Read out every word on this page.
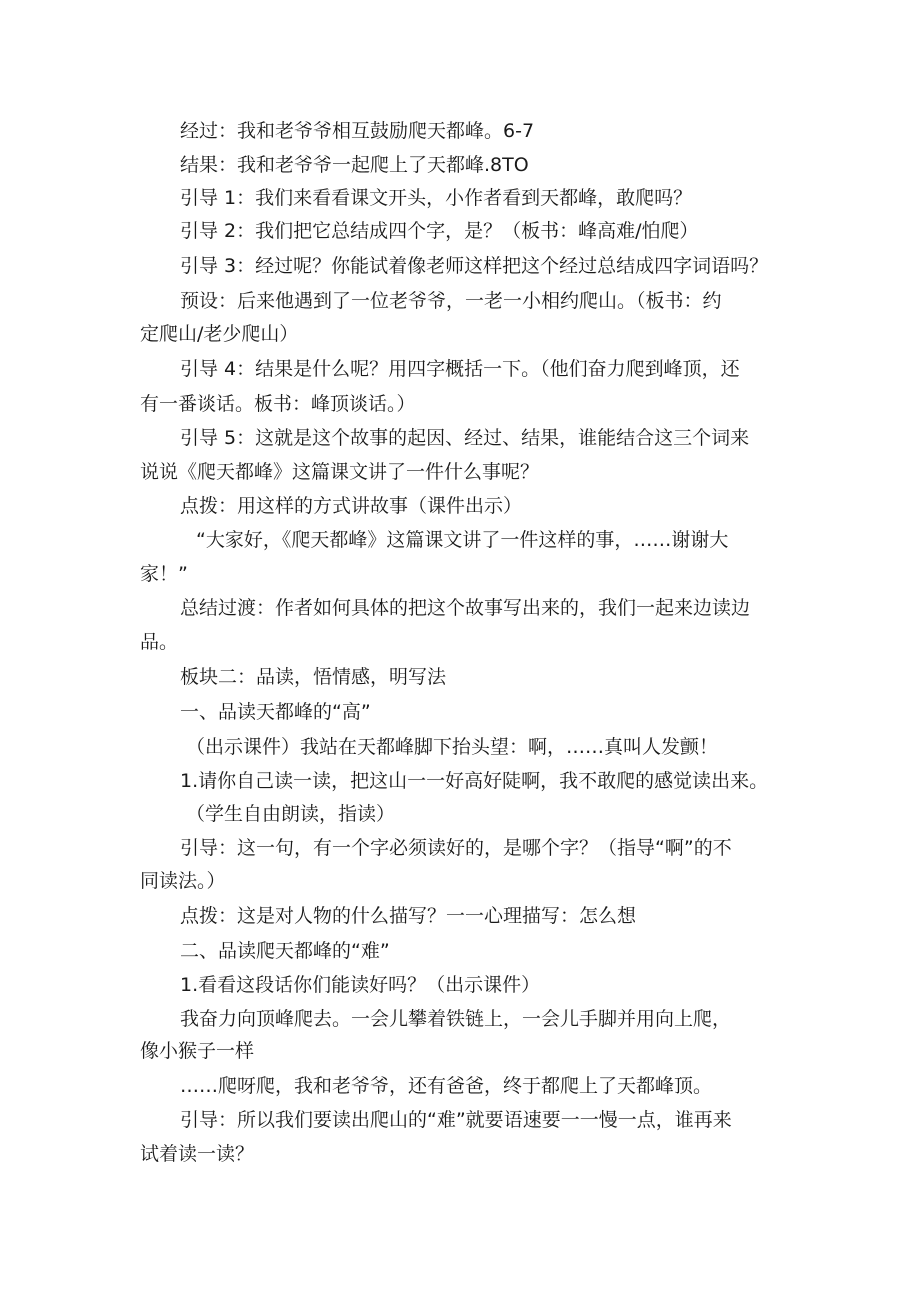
经过：我和老爷爷相互鼓励爬天都峰。6-7

结果：我和老爷爷一起爬上了天都峰.8TO

引导 1：我们来看看课文开头，小作者看到天都峰，敢爬吗？

引导 2：我们把它总结成四个字，是？（板书：峰高难/怕爬）

引导 3：经过呢？你能试着像老师这样把这个经过总结成四字词语吗？

预设：后来他遇到了一位老爷爷，一老一小相约爬山。（板书：约

定爬山/老少爬山）

引导 4：结果是什么呢？用四字概括一下。（他们奋力爬到峰顶，还

有一番谈话。板书：峰顶谈话。）

引导 5：这就是这个故事的起因、经过、结果，谁能结合这三个词来

说说《爬天都峰》这篇课文讲了一件什么事呢？

点拨：用这样的方式讲故事（课件出示）

“大家好，《爬天都峰》这篇课文讲了一件这样的事，……谢谢大

家！”

总结过渡：作者如何具体的把这个故事写出来的，我们一起来边读边

品。

板块二：品读，悟情感，明写法

一、品读天都峰的“高”

（出示课件）我站在天都峰脚下抬头望：啊，……真叫人发颤！

1.请你自己读一读，把这山一一好高好陡啊，我不敢爬的感觉读出来。

（学生自由朗读，指读）

引导：这一句，有一个字必须读好的，是哪个字？（指导“啊”的不

同读法。）

点拨：这是对人物的什么描写？一一心理描写：怎么想

二、品读爬天都峰的“难”

1.看看这段话你们能读好吗？（出示课件）

我奋力向顶峰爬去。一会儿攀着铁链上，一会儿手脚并用向上爬，

像小猴子一样

……爬呀爬，我和老爷爷，还有爸爸，终于都爬上了天都峰顶。

引导：所以我们要读出爬山的“难”就要语速要一一慢一点，谁再来

试着读一读？
